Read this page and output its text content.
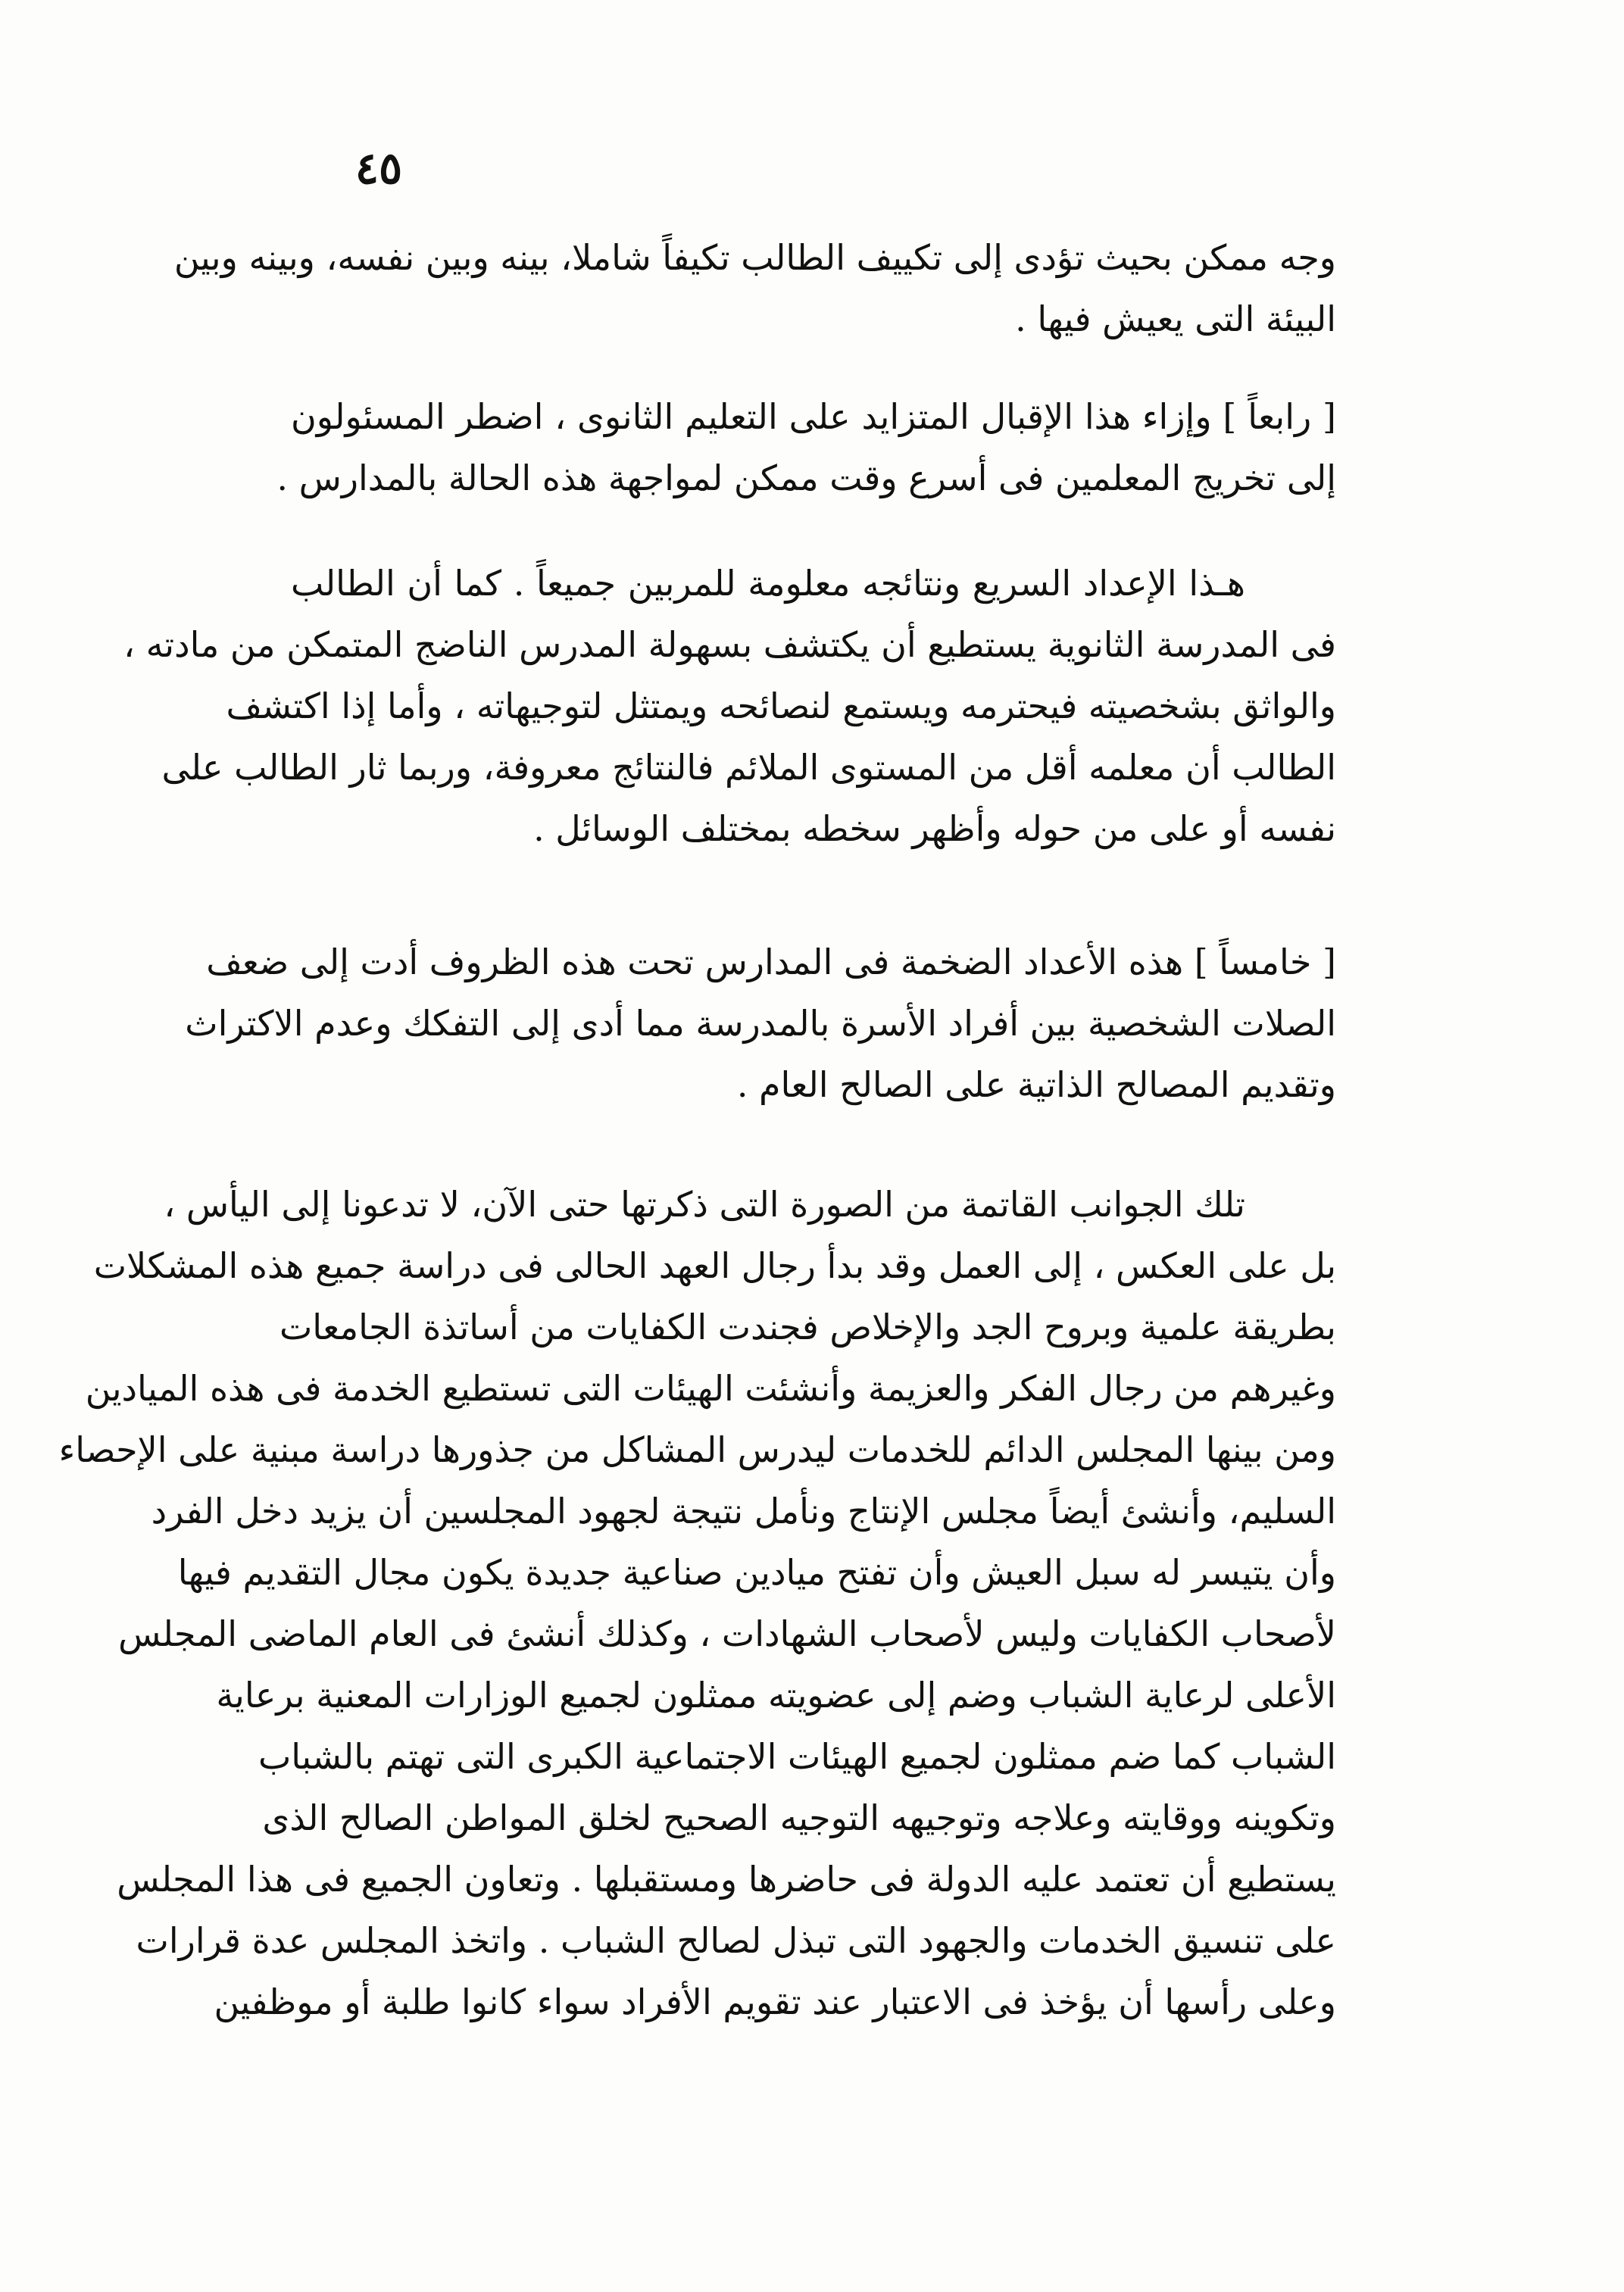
٤٥
وجه ممكن بحيث تؤدى إلى تكييف الطالب تكيفاً شاملا، بينه وبين نفسه، وبينه وبين
البيئة التى يعيش فيها .
[ رابعاً ] وإزاء هذا الإقبال المتزايد على التعليم الثانوى ، اضطر المسئولون
إلى تخريج المعلمين فى أسرع وقت ممكن لمواجهة هذه الحالة بالمدارس .
هـذا الإعداد السريع ونتائجه معلومة للمربين جميعاً . كما أن الطالب
فى المدرسة الثانوية يستطيع أن يكتشف بسهولة المدرس الناضج المتمكن من مادته ،
والواثق بشخصيته فيحترمه ويستمع لنصائحه ويمتثل لتوجيهاته ، وأما إذا اكتشف
الطالب أن معلمه أقل من المستوى الملائم فالنتائج معروفة، وربما ثار الطالب على
نفسه أو على من حوله وأظهر سخطه بمختلف الوسائل .
[ خامساً ] هذه الأعداد الضخمة فى المدارس تحت هذه الظروف أدت إلى ضعف
الصلات الشخصية بين أفراد الأسرة بالمدرسة مما أدى إلى التفكك وعدم الاكتراث
وتقديم المصالح الذاتية على الصالح العام .
تلك الجوانب القاتمة من الصورة التى ذكرتها حتى الآن، لا تدعونا إلى اليأس ،
بل على العكس ، إلى العمل وقد بدأ رجال العهد الحالى فى دراسة جميع هذه المشكلات
بطريقة علمية وبروح الجد والإخلاص فجندت الكفايات من أساتذة الجامعات
وغيرهم من رجال الفكر والعزيمة وأنشئت الهيئات التى تستطيع الخدمة فى هذه الميادين
ومن بينها المجلس الدائم للخدمات ليدرس المشاكل من جذورها دراسة مبنية على الإحصاء
السليم، وأنشئ أيضاً مجلس الإنتاج ونأمل نتيجة لجهود المجلسين أن يزيد دخل الفرد
وأن يتيسر له سبل العيش وأن تفتح ميادين صناعية جديدة يكون مجال التقديم فيها
لأصحاب الكفايات وليس لأصحاب الشهادات ، وكذلك أنشئ فى العام الماضى المجلس
الأعلى لرعاية الشباب وضم إلى عضويته ممثلون لجميع الوزارات المعنية برعاية
الشباب كما ضم ممثلون لجميع الهيئات الاجتماعية الكبرى التى تهتم بالشباب
وتكوينه ووقايته وعلاجه وتوجيهه التوجيه الصحيح لخلق المواطن الصالح الذى
يستطيع أن تعتمد عليه الدولة فى حاضرها ومستقبلها . وتعاون الجميع فى هذا المجلس
على تنسيق الخدمات والجهود التى تبذل لصالح الشباب . واتخذ المجلس عدة قرارات
وعلى رأسها أن يؤخذ فى الاعتبار عند تقويم الأفراد سواء كانوا طلبة أو موظفين
